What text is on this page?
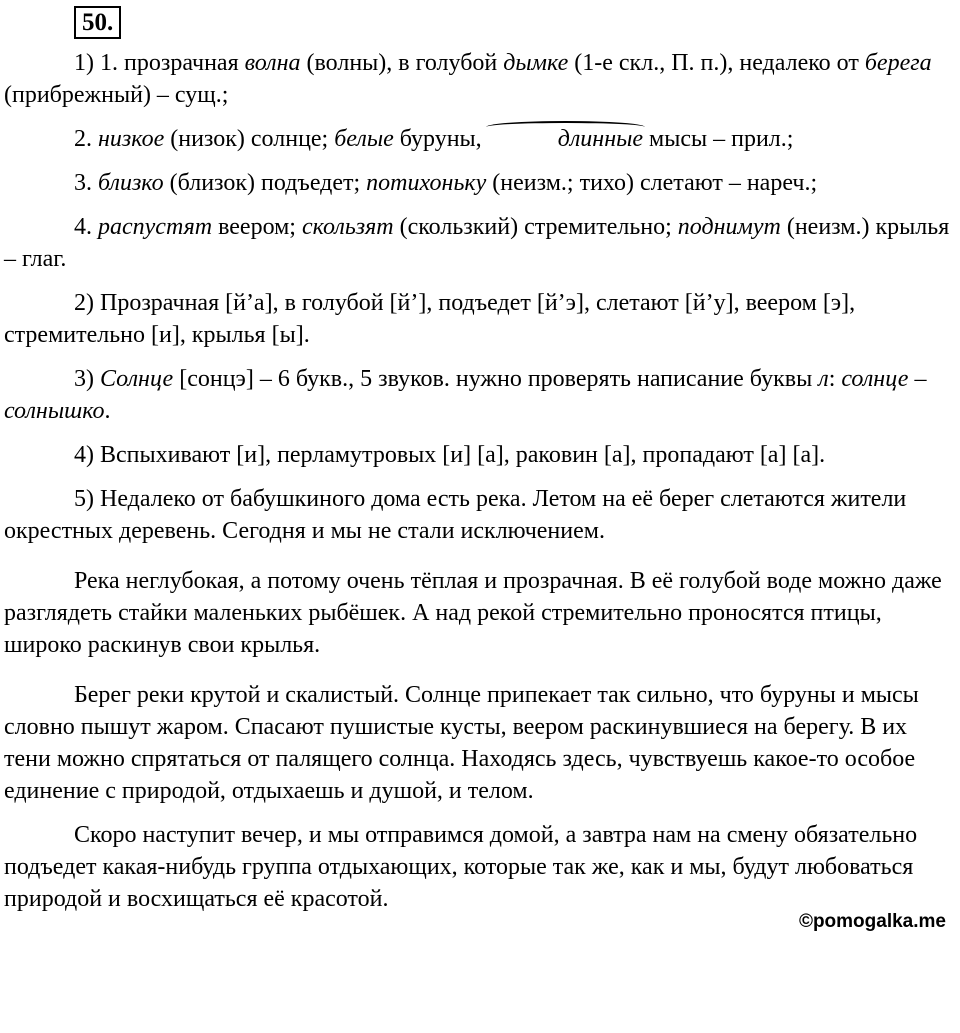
50.

1) 1. прозрачная волна (волны), в голубой дымке (1-е скл., П. п.), недалеко от берега (прибрежный) – сущ.;

2. низкое (низок) солнце; белые буруны,	длинные мысы – прил.;

3. близко (близок) подъедет; потихоньку (неизм.; тихо) слетают – нареч.;

4. распустят веером; скользят (скользкий) стремительно; поднимут (неизм.) крылья – глаг.

2) Прозрачная [й’а], в голубой [й’], подъедет [й’э], слетают [й’у], веером [э], стремительно [и], крылья [ы].

3) Солнце [сонцэ] – 6 букв., 5 звуков. нужно проверять написание буквы л: солнце – солнышко.

4) Вспыхивают [и], перламутровых [и] [а], раковин [а], пропадают [а] [а].

5) Недалеко от бабушкиного дома есть река. Летом на её берег слетаются жители окрестных деревень. Сегодня и мы не стали исключением.

Река неглубокая, а потому очень тёплая и прозрачная. В её голубой воде можно даже разглядеть стайки маленьких рыбёшек. А над рекой стремительно проносятся птицы, широко раскинув свои крылья.

Берег реки крутой и скалистый. Солнце припекает так сильно, что буруны и мысы словно пышут жаром. Спасают пушистые кусты, веером раскинувшиеся на берегу. В их тени можно спрятаться от палящего солнца. Находясь здесь, чувствуешь какое-то особое единение с природой, отдыхаешь и душой, и телом.

Скоро наступит вечер, и мы отправимся домой, а завтра нам на смену обязательно подъедет какая-нибудь группа отдыхающих, которые так же, как и мы, будут любоваться природой и восхищаться её красотой.

©pomogalka.me
